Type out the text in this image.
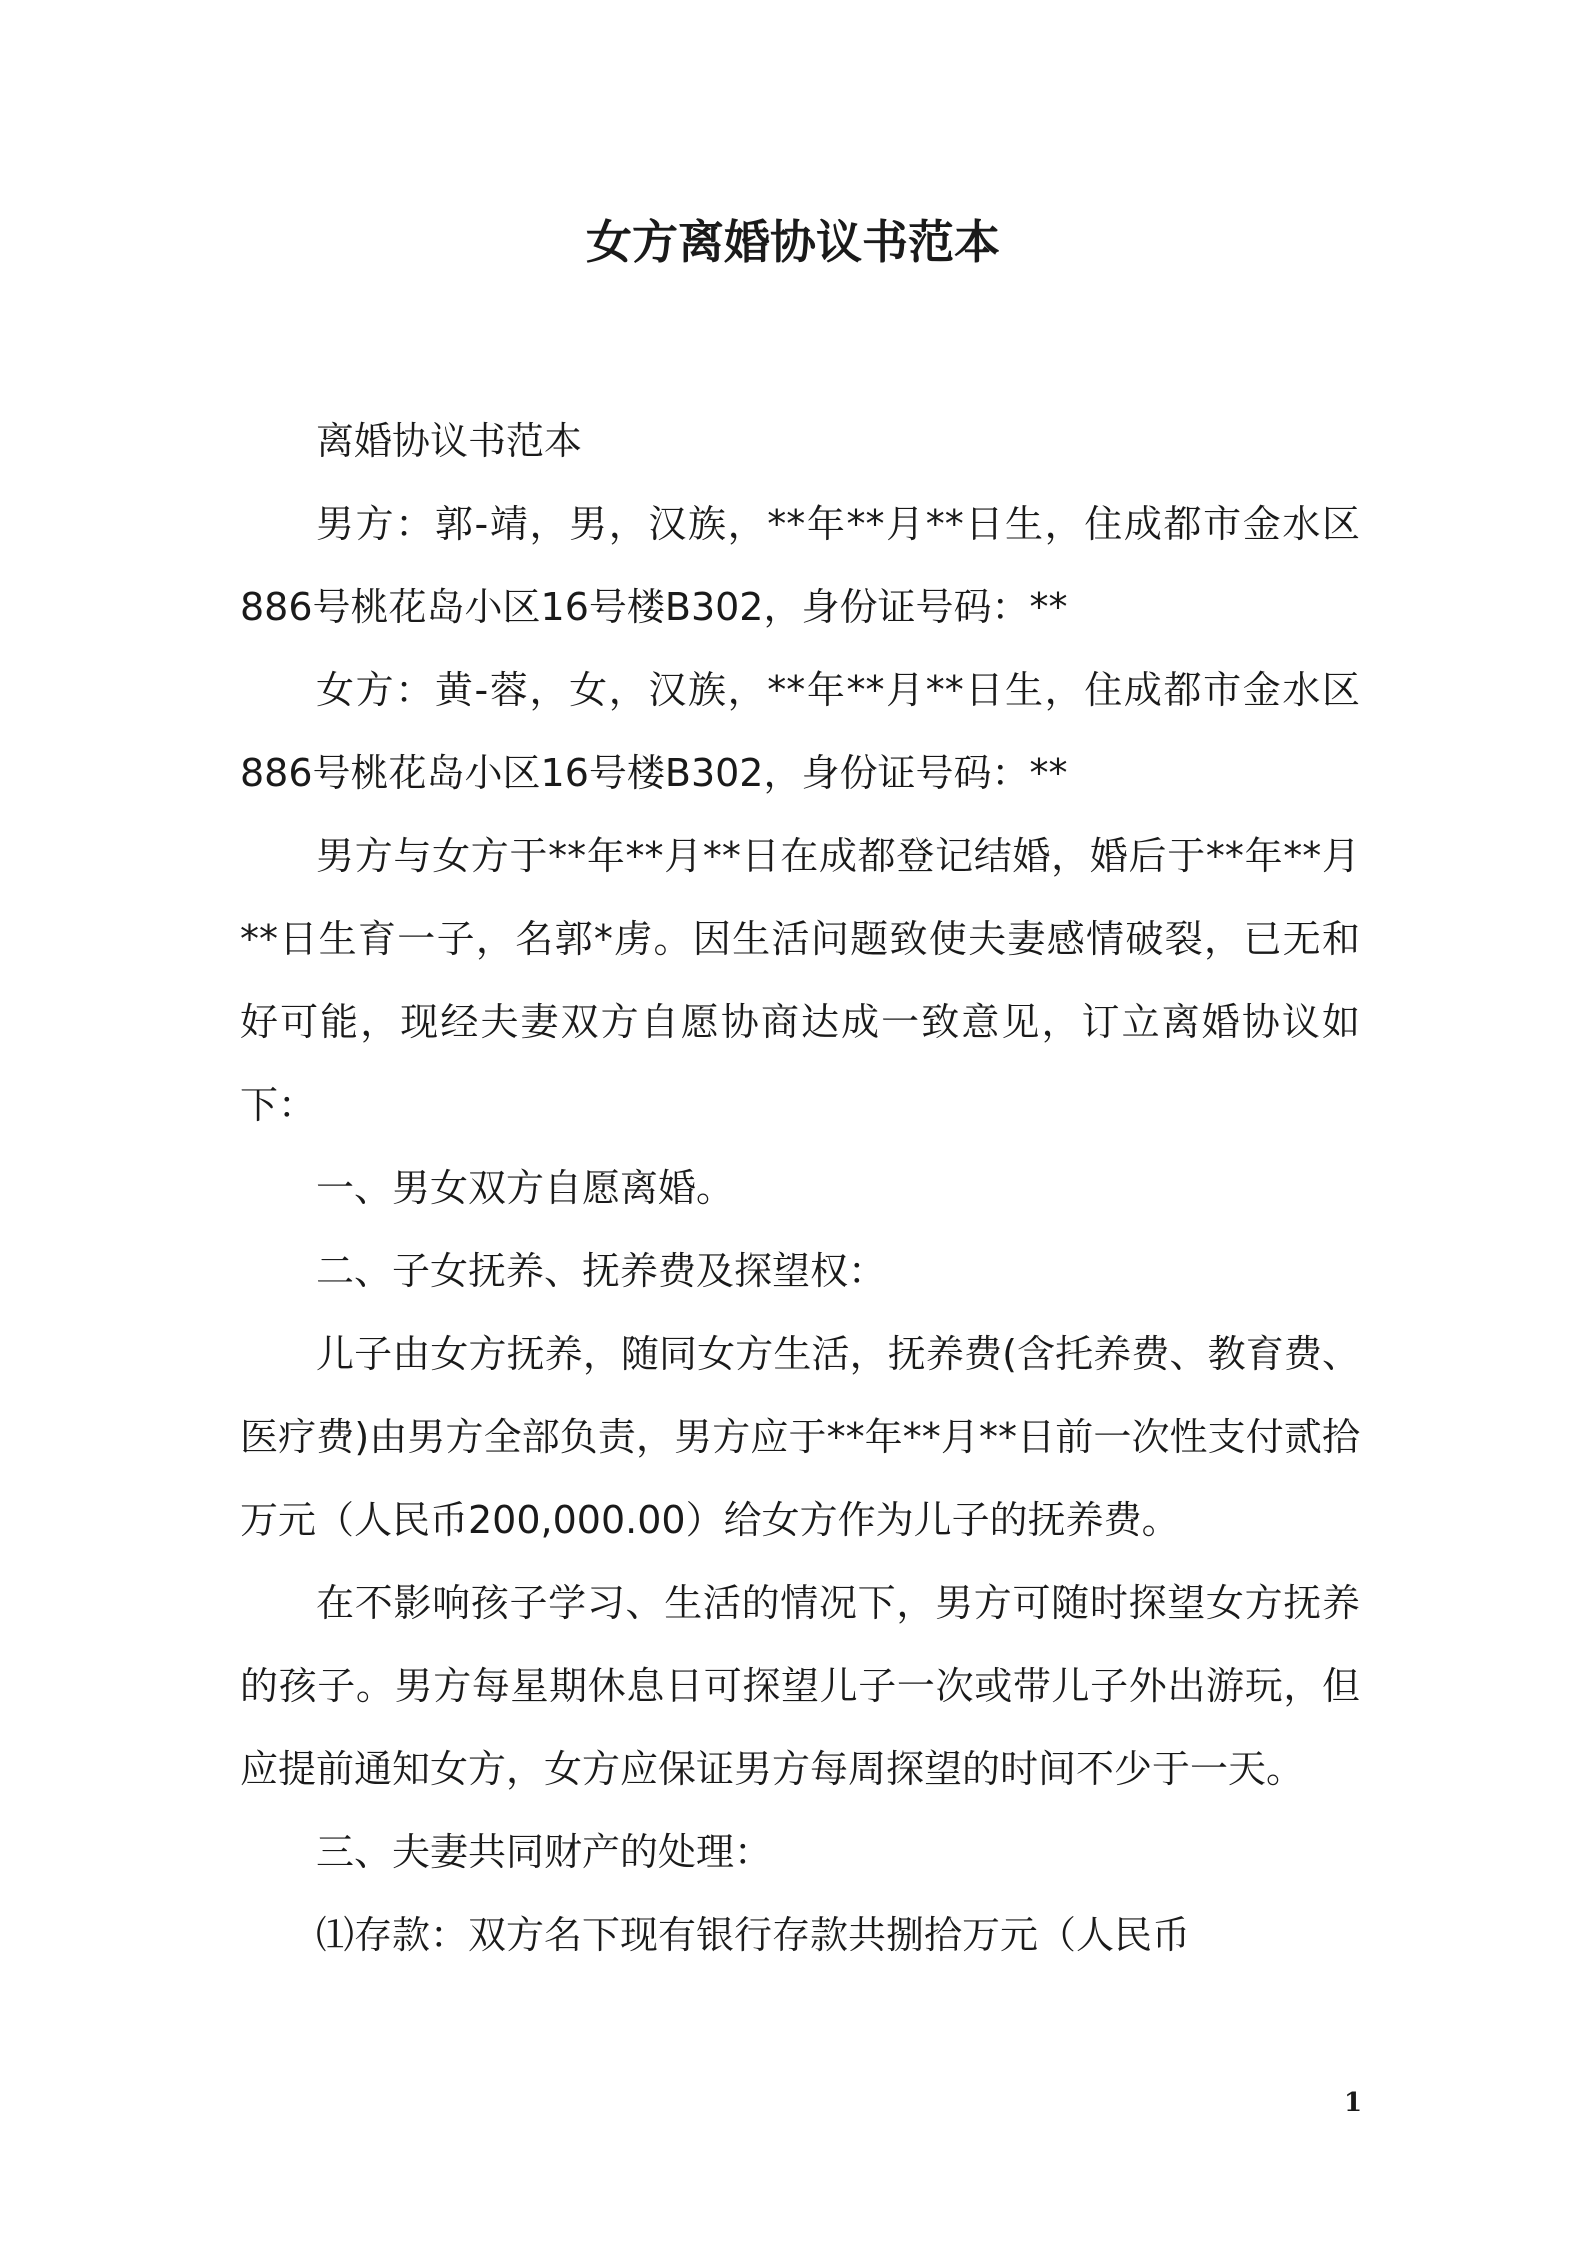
女方离婚协议书范本

离婚协议书范本

男方：郭-靖，男，汉族，**年**月**日生，住成都市金水区886号桃花岛小区16号楼B302，身份证号码：**

女方：黄-蓉，女，汉族，**年**月**日生，住成都市金水区886号桃花岛小区16号楼B302，身份证号码：**

男方与女方于**年**月**日在成都登记结婚，婚后于**年**月**日生育一子，名郭*虏。因生活问题致使夫妻感情破裂，已无和好可能，现经夫妻双方自愿协商达成一致意见，订立离婚协议如下：

一、男女双方自愿离婚。

二、子女抚养、抚养费及探望权：

儿子由女方抚养，随同女方生活，抚养费(含托养费、教育费、医疗费)由男方全部负责，男方应于**年**月**日前一次性支付贰拾万元（人民币200,000.00）给女方作为儿子的抚养费。

在不影响孩子学习、生活的情况下，男方可随时探望女方抚养的孩子。男方每星期休息日可探望儿子一次或带儿子外出游玩，但应提前通知女方，女方应保证男方每周探望的时间不少于一天。

三、夫妻共同财产的处理：

⑴存款：双方名下现有银行存款共捌拾万元（人民币

1
